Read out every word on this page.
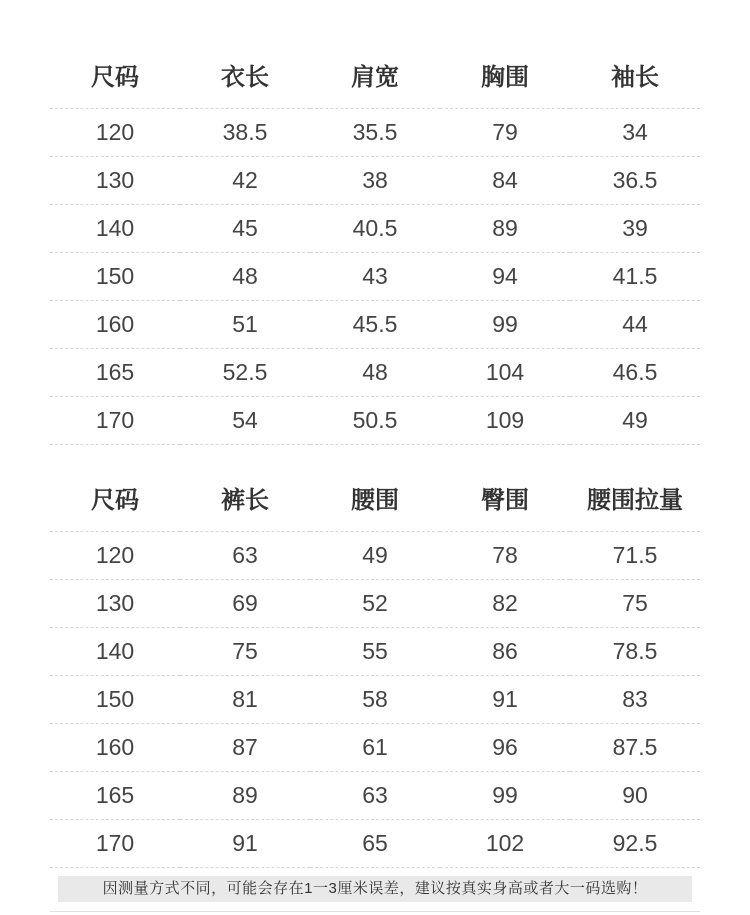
尺码	衣长	肩宽	胸围	袖长
120	38.5	35.5	79	34
130	42	38	84	36.5
140	45	40.5	89	39
150	48	43	94	41.5
160	51	45.5	99	44
165	52.5	48	104	46.5
170	54	50.5	109	49
尺码	裤长	腰围	臀围	腰围拉量
120	63	49	78	71.5
130	69	52	82	75
140	75	55	86	78.5
150	81	58	91	83
160	87	61	96	87.5
165	89	63	99	90
170	91	65	102	92.5
因测量方式不同，可能会存在1一3厘米误差，建议按真实身高或者大一码选购！
